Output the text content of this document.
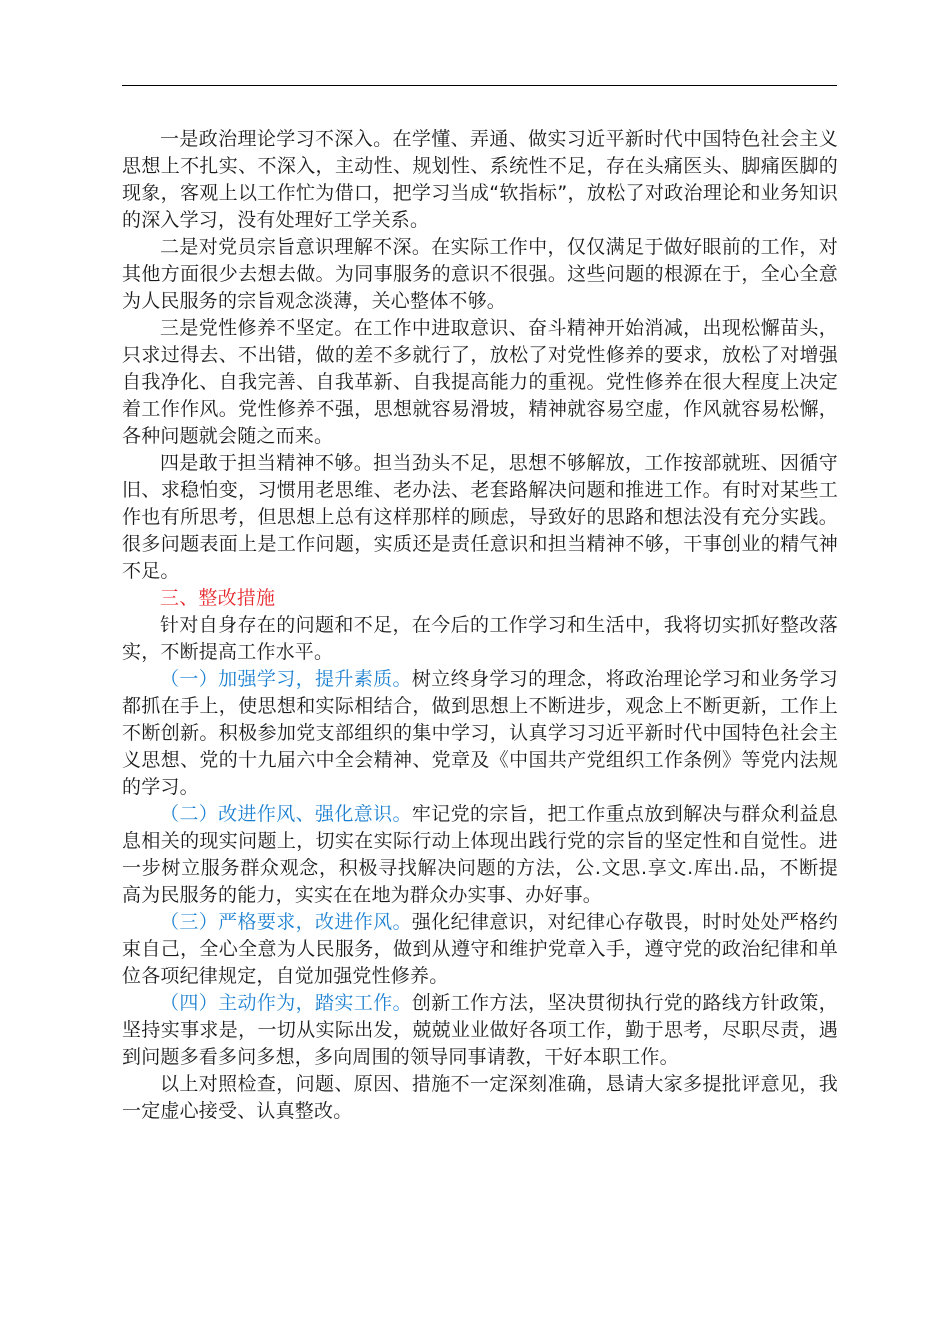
一是政治理论学习不深入。在学懂、弄通、做实习近平新时代中国特色社会主义思想上不扎实、不深入，主动性、规划性、系统性不足，存在头痛医头、脚痛医脚的现象，客观上以工作忙为借口，把学习当成“软指标”，放松了对政治理论和业务知识的深入学习，没有处理好工学关系。

二是对党员宗旨意识理解不深。在实际工作中，仅仅满足于做好眼前的工作，对其他方面很少去想去做。为同事服务的意识不很强。这些问题的根源在于，全心全意为人民服务的宗旨观念淡薄，关心整体不够。

三是党性修养不坚定。在工作中进取意识、奋斗精神开始消减，出现松懈苗头，只求过得去、不出错，做的差不多就行了，放松了对党性修养的要求，放松了对增强自我净化、自我完善、自我革新、自我提高能力的重视。党性修养在很大程度上决定着工作作风。党性修养不强，思想就容易滑坡，精神就容易空虚，作风就容易松懈，各种问题就会随之而来。

四是敢于担当精神不够。担当劲头不足，思想不够解放，工作按部就班、因循守旧、求稳怕变，习惯用老思维、老办法、老套路解决问题和推进工作。有时对某些工作也有所思考，但思想上总有这样那样的顾虑，导致好的思路和想法没有充分实践。很多问题表面上是工作问题，实质还是责任意识和担当精神不够，干事创业的精气神不足。

三、整改措施

针对自身存在的问题和不足，在今后的工作学习和生活中，我将切实抓好整改落实，不断提高工作水平。

（一）加强学习，提升素质。树立终身学习的理念，将政治理论学习和业务学习都抓在手上，使思想和实际相结合，做到思想上不断进步，观念上不断更新，工作上不断创新。积极参加党支部组织的集中学习，认真学习习近平新时代中国特色社会主义思想、党的十九届六中全会精神、党章及《中国共产党组织工作条例》等党内法规的学习。

（二）改进作风、强化意识。牢记党的宗旨，把工作重点放到解决与群众利益息息相关的现实问题上，切实在实际行动上体现出践行党的宗旨的坚定性和自觉性。进一步树立服务群众观念，积极寻找解决问题的方法，公.文思.享文.库出.品，不断提高为民服务的能力，实实在在地为群众办实事、办好事。

（三）严格要求，改进作风。强化纪律意识，对纪律心存敬畏，时时处处严格约束自己，全心全意为人民服务，做到从遵守和维护党章入手，遵守党的政治纪律和单位各项纪律规定，自觉加强党性修养。

（四）主动作为，踏实工作。创新工作方法，坚决贯彻执行党的路线方针政策，坚持实事求是，一切从实际出发，兢兢业业做好各项工作，勤于思考，尽职尽责，遇到问题多看多问多想，多向周围的领导同事请教，干好本职工作。

以上对照检查，问题、原因、措施不一定深刻准确，恳请大家多提批评意见，我一定虚心接受、认真整改。
